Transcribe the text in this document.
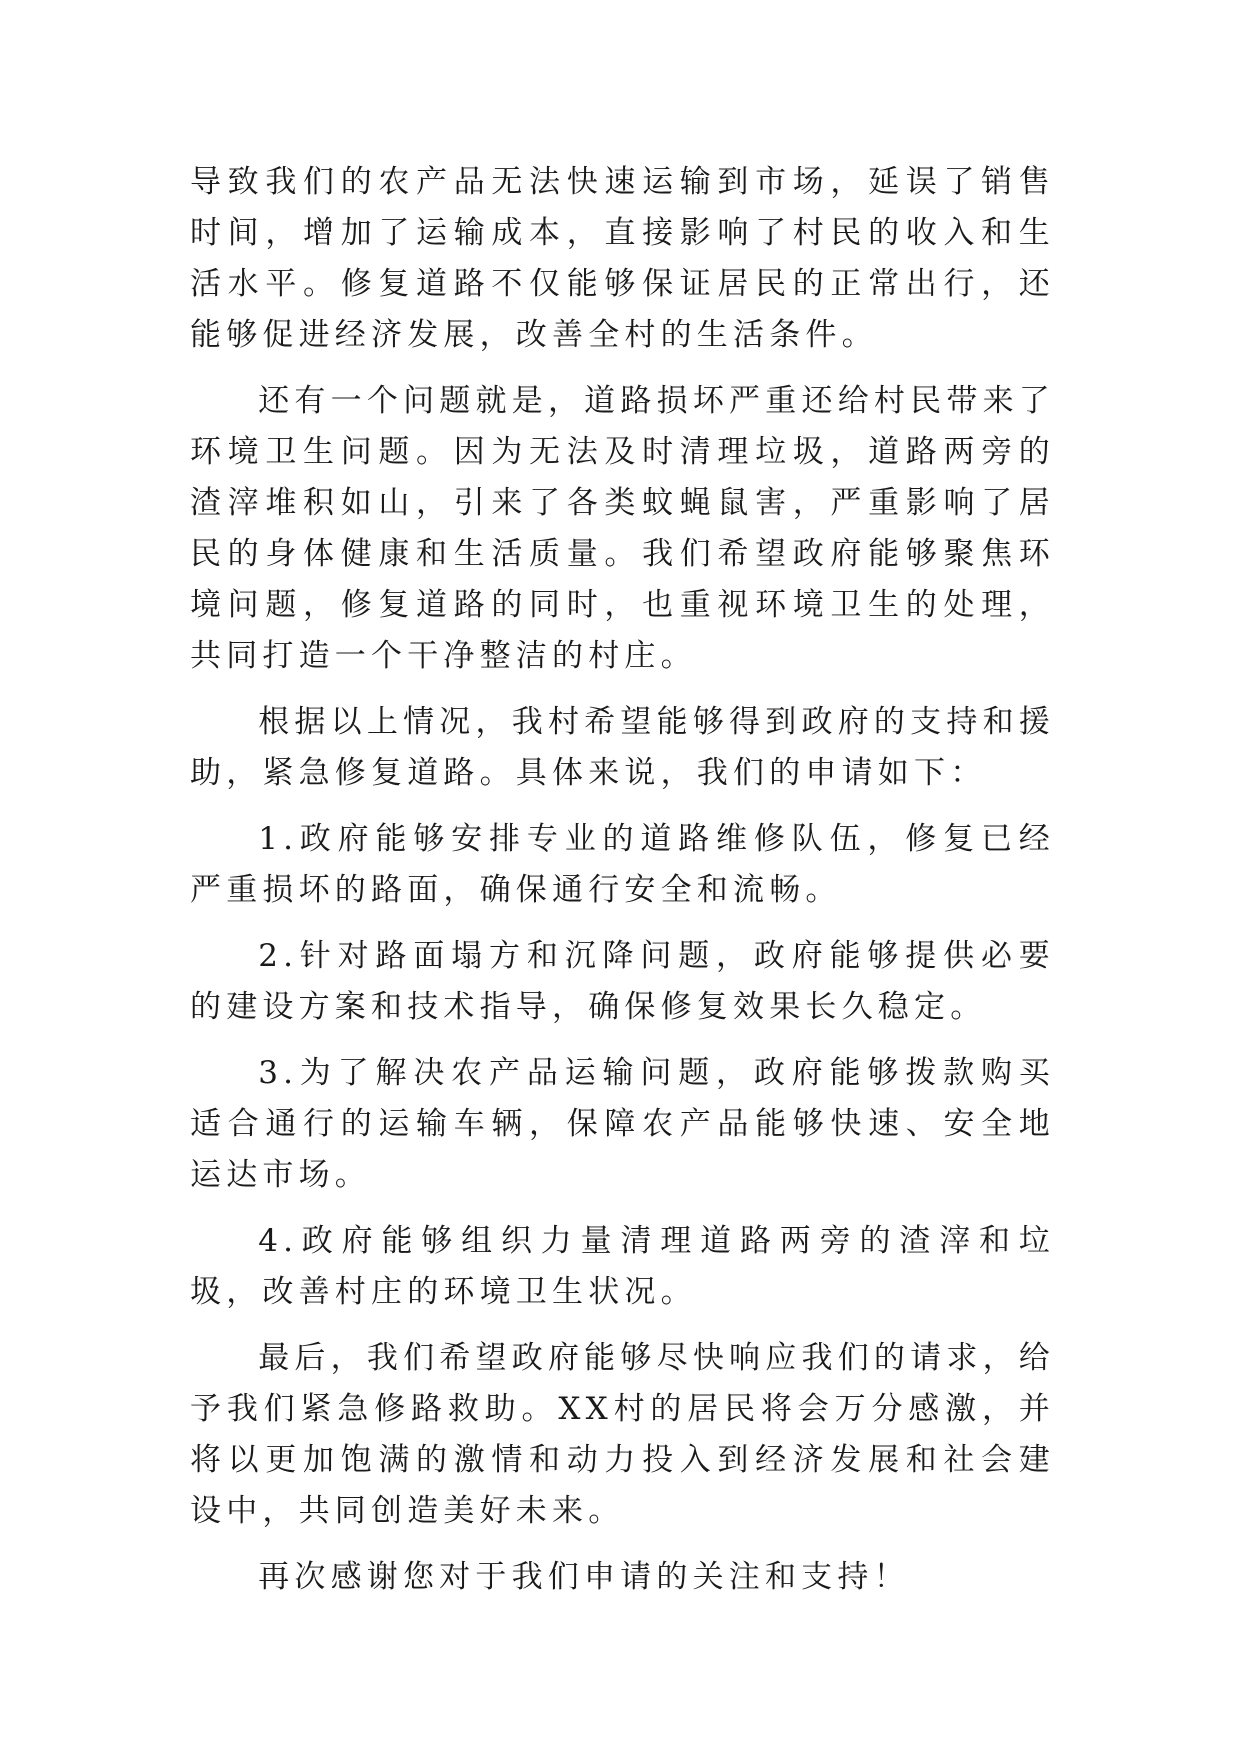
导致我们的农产品无法快速运输到市场，延误了销售时间，增加了运输成本，直接影响了村民的收入和生活水平。修复道路不仅能够保证居民的正常出行，还能够促进经济发展，改善全村的生活条件。

还有一个问题就是，道路损坏严重还给村民带来了环境卫生问题。因为无法及时清理垃圾，道路两旁的渣滓堆积如山，引来了各类蚊蝇鼠害，严重影响了居民的身体健康和生活质量。我们希望政府能够聚焦环境问题，修复道路的同时，也重视环境卫生的处理，共同打造一个干净整洁的村庄。

根据以上情况，我村希望能够得到政府的支持和援助，紧急修复道路。具体来说，我们的申请如下：

1.政府能够安排专业的道路维修队伍，修复已经严重损坏的路面，确保通行安全和流畅。

2.针对路面塌方和沉降问题，政府能够提供必要的建设方案和技术指导，确保修复效果长久稳定。

3.为了解决农产品运输问题，政府能够拨款购买适合通行的运输车辆，保障农产品能够快速、安全地运达市场。

4.政府能够组织力量清理道路两旁的渣滓和垃圾，改善村庄的环境卫生状况。

最后，我们希望政府能够尽快响应我们的请求，给予我们紧急修路救助。XX村的居民将会万分感激，并将以更加饱满的激情和动力投入到经济发展和社会建设中，共同创造美好未来。

再次感谢您对于我们申请的关注和支持！
